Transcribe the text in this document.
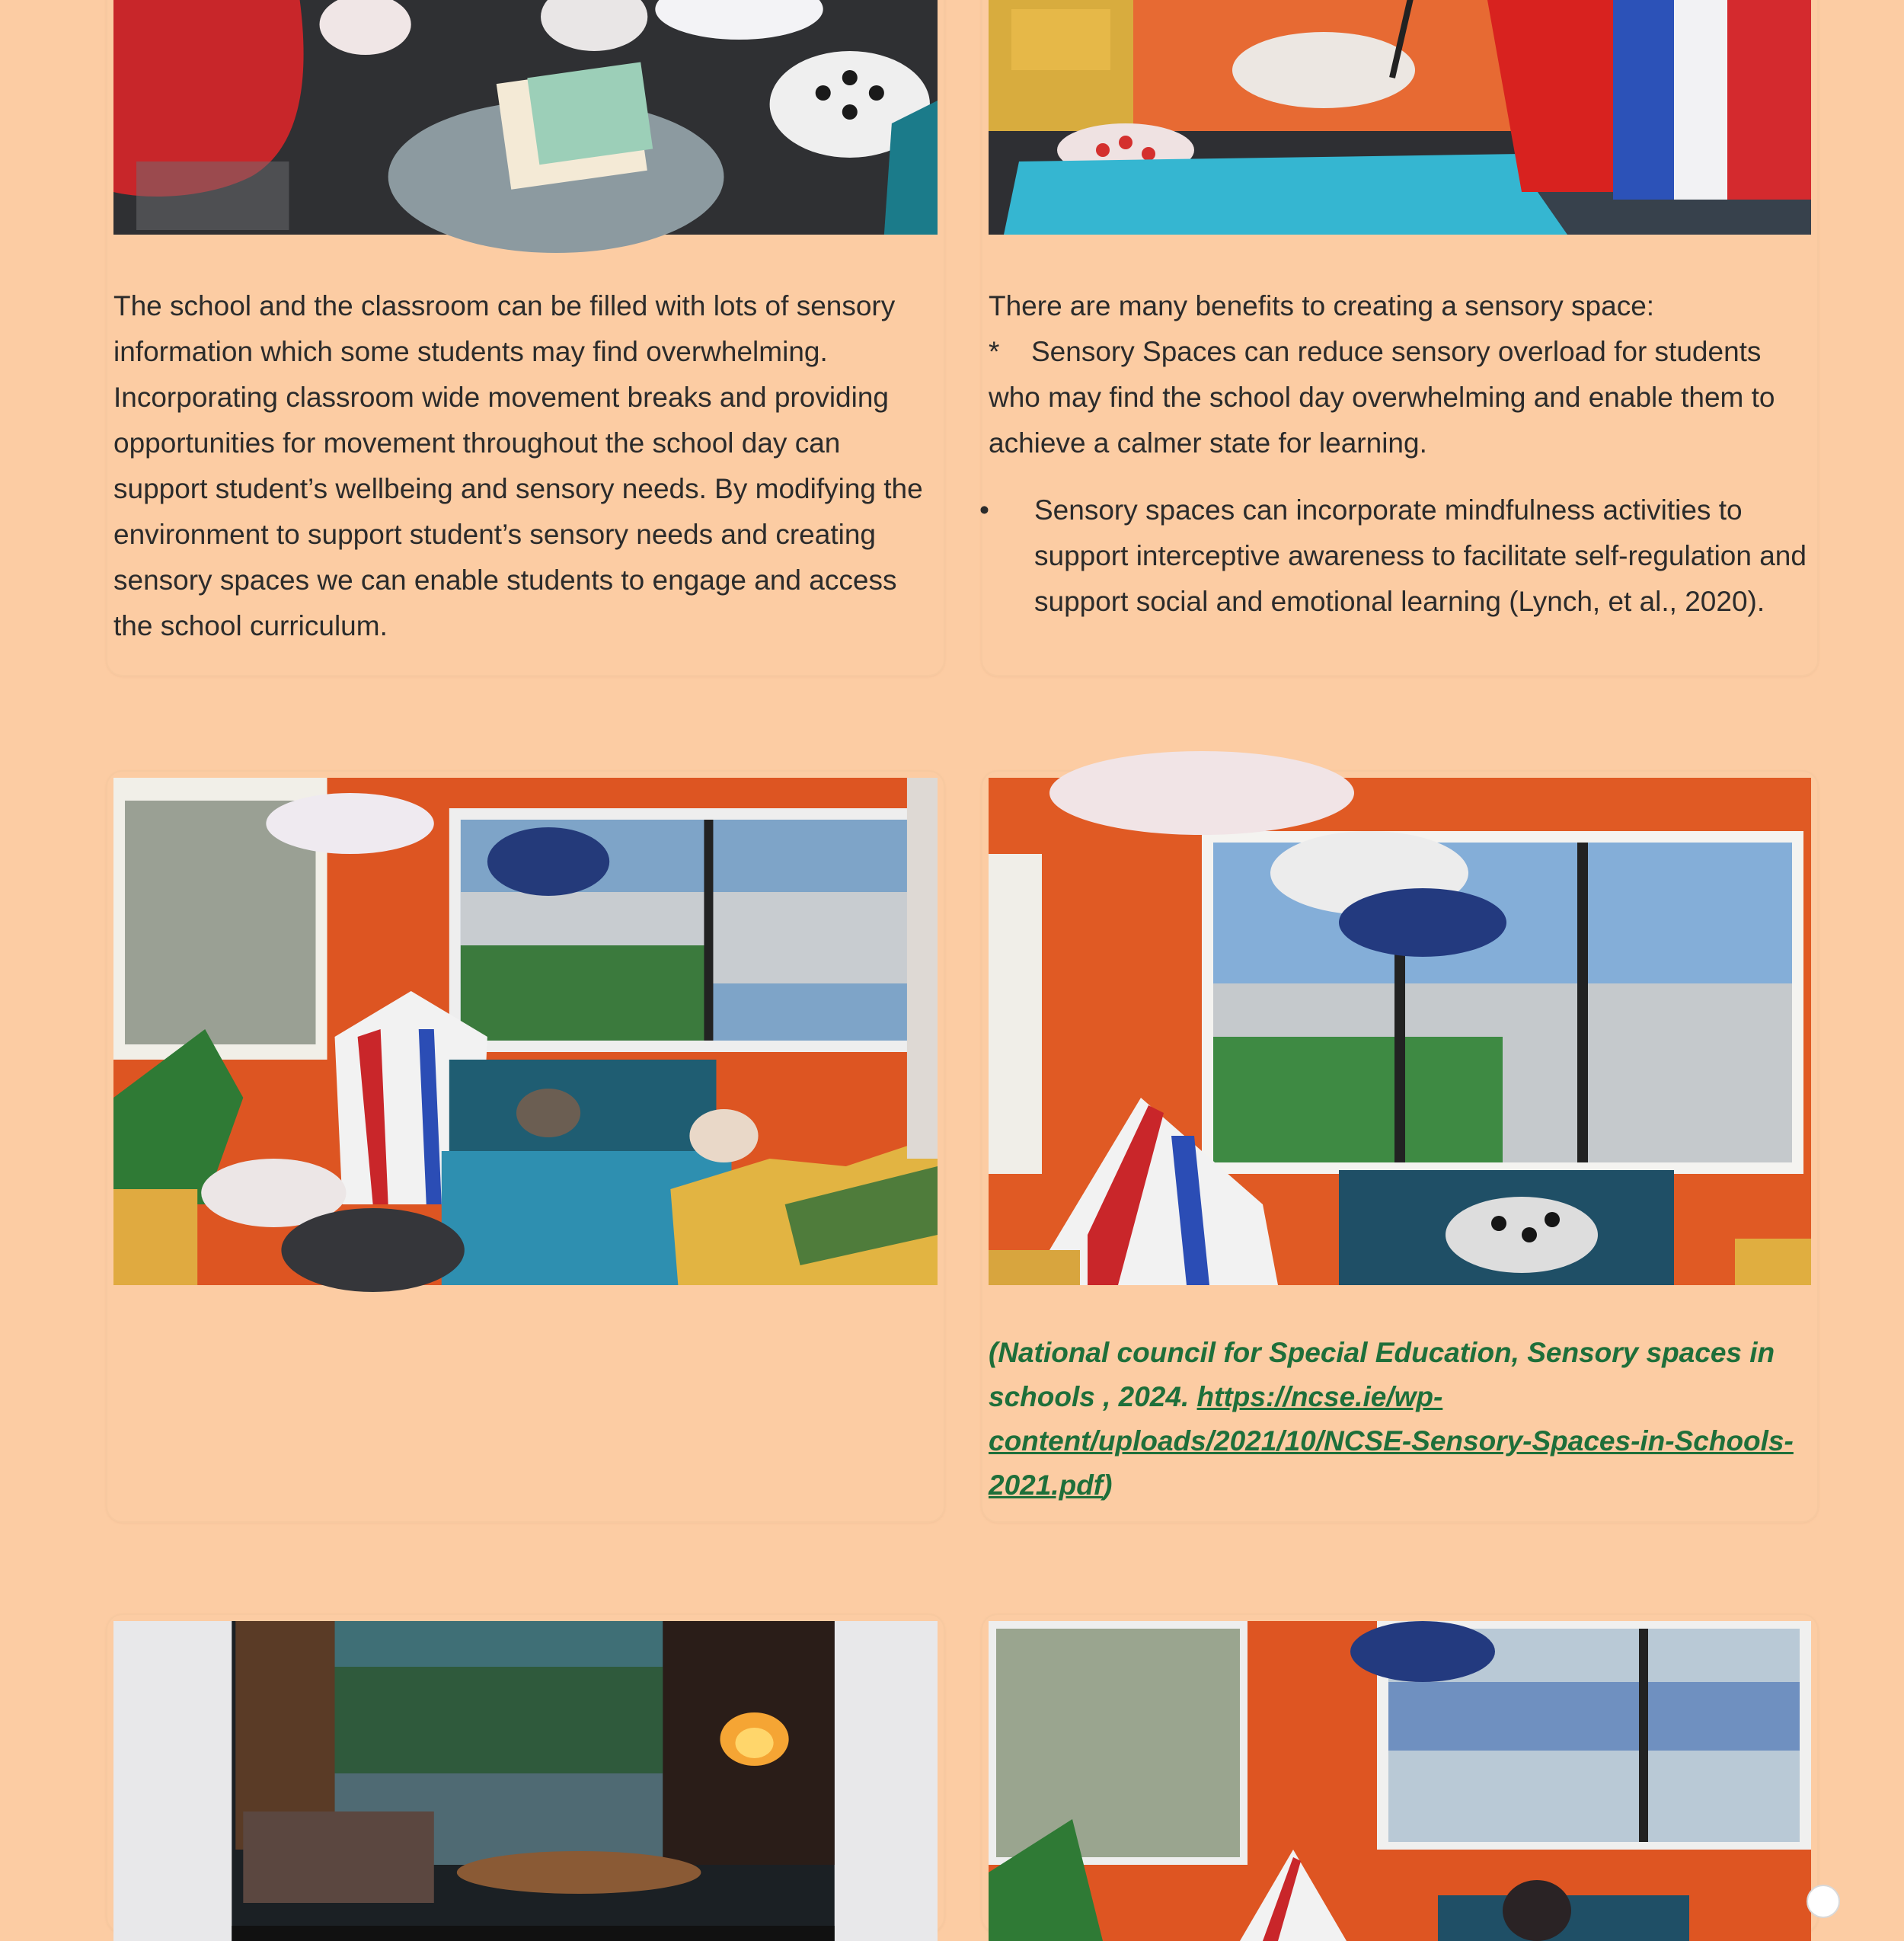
The school and the classroom can be filled with lots of sensory information which some students may find overwhelming. Incorporating classroom wide movement breaks and providing opportunities for movement throughout the school day can support student’s wellbeing and sensory needs. By modifying the environment to support student’s sensory needs and creating sensory spaces we can enable students to engage and access the school curriculum.

There are many benefits to creating a sensory space:

* Sensory Spaces can reduce sensory overload for students who may find the school day overwhelming and enable them to achieve a calmer state for learning.

• Sensory spaces can incorporate mindfulness activities to support interceptive awareness to facilitate self-regulation and support social and emotional learning (Lynch, et al., 2020).

(National council for Special Education, Sensory spaces in schools , 2024. https://ncse.ie/wp-content/uploads/2021/10/NCSE-Sensory-Spaces-in-Schools-2021.pdf)
